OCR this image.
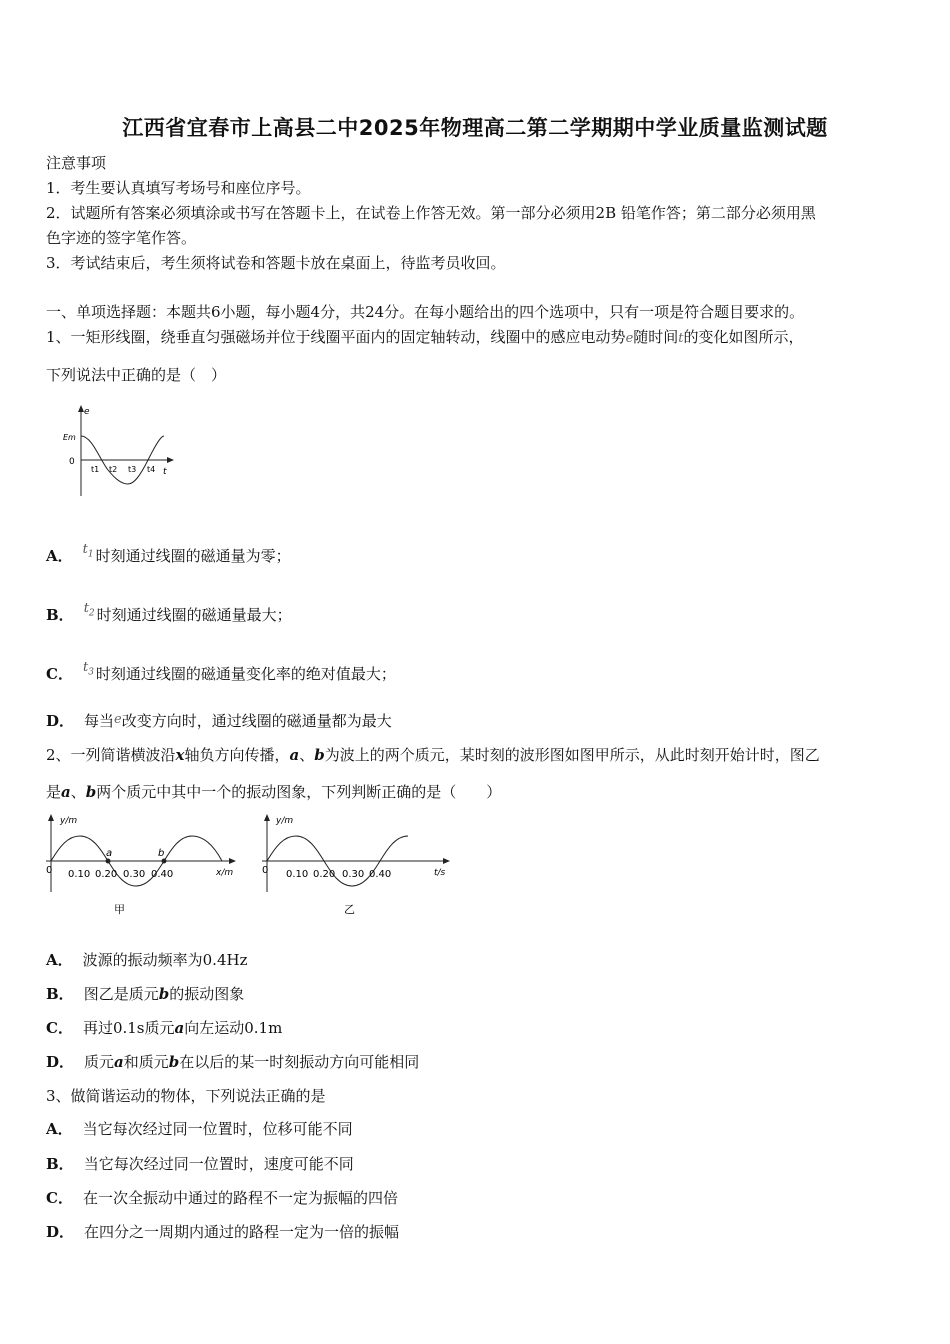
江西省宜春市上高县二中2025年物理高二第二学期期中学业质量监测试题
注意事项
1．考生要认真填写考场号和座位序号。
2．试题所有答案必须填涂或书写在答题卡上，在试卷上作答无效。第一部分必须用2B 铅笔作答；第二部分必须用黑
色字迹的签字笔作答。
3．考试结束后，考生须将试卷和答题卡放在桌面上，待监考员收回。
一、单项选择题：本题共6小题，每小题4分，共24分。在每小题给出的四个选项中，只有一项是符合题目要求的。
1、一矩形线圈，绕垂直匀强磁场并位于线圈平面内的固定轴转动，线圈中的感应电动势e随时间t的变化如图所示，
下列说法中正确的是（　）
e
t
Em
0
t1 t2 t3 t4
A． $t_1$ 时刻通过线圈的磁通量为零；
B． $t_2$ 时刻通过线圈的磁通量最大；
C． $t_3$ 时刻通过线圈的磁通量变化率的绝对值最大；
D． 每当e改变方向时，通过线圈的磁通量都为最大
2、一列简谐横波沿x轴负方向传播，a、b为波上的两个质元，某时刻的波形图如图甲所示，从此时刻开始计时，图乙
是a、b两个质元中其中一个的振动图象，下列判断正确的是（　　）
y/m
x/m
0 0.10 0.20 0.30 0.40
a	b
甲
y/m
t/s
0 0.10 0.20 0.30 0.40
乙
A． 波源的振动频率为0.4Hz
B． 图乙是质元b的振动图象
C． 再过0.1s质元a向左运动0.1m
D． 质元a和质元b在以后的某一时刻振动方向可能相同
3、做简谐运动的物体，下列说法正确的是
A． 当它每次经过同一位置时，位移可能不同
B． 当它每次经过同一位置时，速度可能不同
C． 在一次全振动中通过的路程不一定为振幅的四倍
D． 在四分之一周期内通过的路程一定为一倍的振幅
